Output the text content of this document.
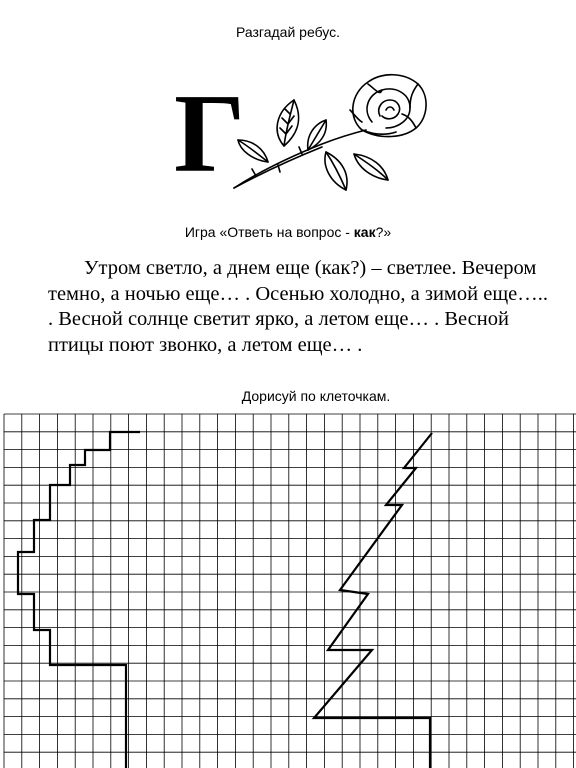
Разгадай ребус.
Г
Игра «Ответь на вопрос - как?»
Утром светло, а днем еще (как?) – светлее. Вечером темно, а ночью еще… . Осенью холодно, а зимой еще….. . Весной солнце светит ярко, а летом еще… . Весной птицы поют звонко, а летом еще… .
Дорисуй по клеточкам.
